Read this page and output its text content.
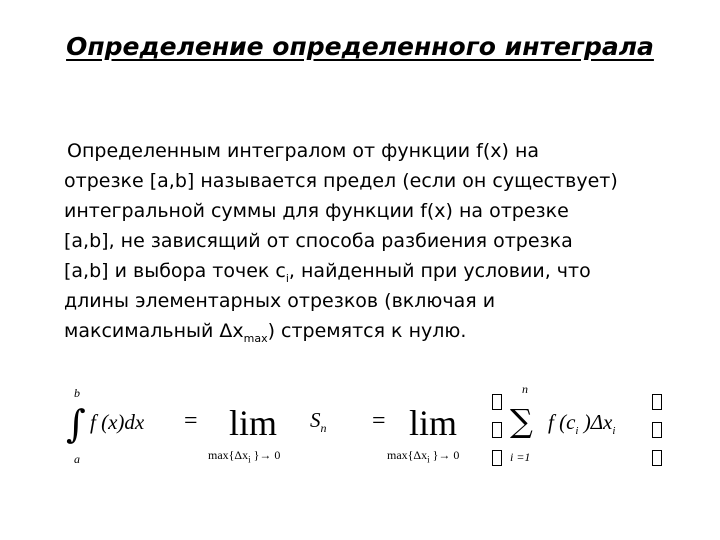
Определение определенного интеграла
Определенным интегралом от функции f(x) на
отрезке [a,b] называется предел (если он существует)
интегральной суммы для функции f(x) на отрезке
[a,b], не зависящий от способа разбиения отрезка
[a,b] и выбора точек $c_i$, найденный при условии, что
длины элементарных отрезков (включая и
максимальный $\Delta x_{max}$) стремятся к нулю.
b
∫
a
f (x)dx = lim
$\max\{\Delta x_i$ }→ 0
$S_n = \lim$
$\max\{\Delta x_i$ }→ 0
n
∑
i =1
f ($c_i$ )$\Delta x_i$
